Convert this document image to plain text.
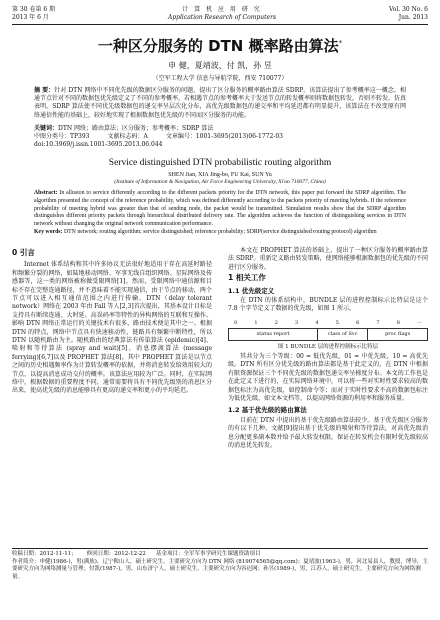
第 30 卷第 6 期
2013 年 6 月
计 算 机 应 用 研 究
Application Research of Computers
Vol. 30 No. 6
Jun. 2013
一种区分服务的 DTN 概率路由算法*
申 健，夏靖波，付 凯，孙 昱
（空军工程大学 信息与导航学院，西安 710077）
摘 要：针对 DTN 网络中不同优先级的数据区分服务的问题，提出了区分服务的概率路由算法 SDRP。该算法提出了参考概率这一概念，相通节点针对不同的数据包优先级定义了不同的参考概率，若相遇节点的参考概率大于发送节点的转发概率则将数据包转发，否则不转发。仿真表明，SDRP 算法使不同优先级数据包的递交率呈层次化分布，高优先级数据包的递交率和平均延迟都有明显提升，该算法在不改变原有网络通信性能的基础上，较好地实现了根据数据包优先级的不同而区分服务的功能。
关键词：DTN 网络；路由算法；区分服务；参考概率；SDRP 算法
中图分类号：TP393	文献标志码：A	文章编号：1001-3695(2013)06-1772-03
doi:10.3969/j.issn.1001-3695.2013.06.044
Service distinguished DTN probabilistic routing algorithm
SHEN Jian, XIA Jing-bo, FU Kai, SUN Yu
(Institute of Information & Navigation, Air Force Engineering University, Xi'an 710077, China)
Abstract: In allusion to service differently according to the different packets priority for the DTN network, this paper put forward the SDRP algorithm. The algorithm presented the concept of the reference probability, which was defined differently according to the packets priority of meeting hybrids. If the reference probability of meeting hybrid was greater than that of sending node, the packet would be transmitted. Simulation results show that the SDRP algorithm distinguishes different priority packets through hierarchical distributed delivery rate. The algorithm achieves the function of distinguishing services in DTN network without changing the original network communication performance.
Key words: DTN network; routing algorithm; service distinguished; reference probability; SDRP(service distinguished routing protocol) algorithm
0 引言

Internet 体系结构和其中许多协议无法很好地适用于存在高延时路径和频繁分裂的网络，如陆地移动网络、军事无线自组织网络、星际网络及传感器等，这一类的网络被称做受限网络[1]。然而，受限网络中通信源和目标不存在完整连通路径，并不意味着不能实现通信，由于节点的移动，两个节点可以进入相互通信范围之内进行传输。DTN（delay tolerant network）网络在 2003 年由 Fall 等人[2,3]首次提出，其基本设计目标是支持具有断续连通、大时延、高误码率等特性的异构网络的互联和互操作。影响 DTN 网络正常运行的关键技术有很多，路由技术便是其中之一。根据 DTN 的特点，网络中节点具有快速移动性，链路具有频繁中断特性，所以 DTN 以随机路由为主。随机路由的经典算法有传染算法 (epidemic)[4]、喷射和等待算法 (spray and wait)[5]、消息摆渡算法 (message ferrying)[6,7]以及 PROPHET 算法[8]。其中 PROPHET 算法是以节点之间的历史相遇频率作为计算转发概率的依据，并将消息转发给效用较大的节点，以提高消息成功交付的概率。该算法应用较为广泛。同时，在实际网络中，根据数据的重要程度不同，通常需要将具有不同优先级别的消息区分出来，使高优先级的消息能够具有更高的递交率和更小的平均延迟。

本文在 PROPHET 算法的基础上，提出了一种区分服务的概率路由算法 SDRP。重新定义路由转发策略，使网络能够根据数据包的优先级的不同进行区分服务。

1 相关工作
1.1 优先级定义

在 DTN 的体系结构中，BUNDLE 层的进程控制标示比特层是这个 7.8 个字节定义了数据的优先级，如图 1 所示。

0	1	2	3	4	5	6	7	8	···
status report	class of Svc	proc flags
图 1 BUNDLE 层的进程控制标示比特层

其共分为三个等级：00 = 低优先级，01 = 中优先级，10 = 高优先级。DTN 所有区分优先级的路由算法都是基于此定义的，在 DTN 中根据有限资源保证三个不同优先级的数据包递交率呈梯度分布。本文的工作也是在此定义下进行的，在实际网络环境中，可以将一些对实时性要求较高的数据包标注为高优先级，如控制命令等；而对于实时性要求不高的数据包标注为低优先级，如文本文档等，以提高网络资源的利用率和服务质量。

1.2 基于优先级的路由算法

目前在 DTN 中提出的基于优先级路由算法较少。基于优先级区分服务的有以下几种。文献[9]提出基于优先级的喷射和等待算法，对高优先级消息分配更多副本数并给予最大转发权限，保证在转发机会有限时优先级较高的消息优先转发。

收稿日期：2012-11-11； 修回日期：2012-12-22 基金项目：全军军事学研究生课题资助项目
作者简介：申健(1986-)，男(满族)，辽宁鞍山人，硕士研究生，主要研究方向为 DTN 网络 (819074565@qq.com)；夏靖波(1963-)，男，河北易县人，教授，博导，主要研究方向为网络测量与管理；付凯(1987-)，男，山东济宁人，硕士研究生，主要研究方向为容迟网；孙昱(1989-)，男，江苏人，硕士研究生，主要研究方向为网络测量。
